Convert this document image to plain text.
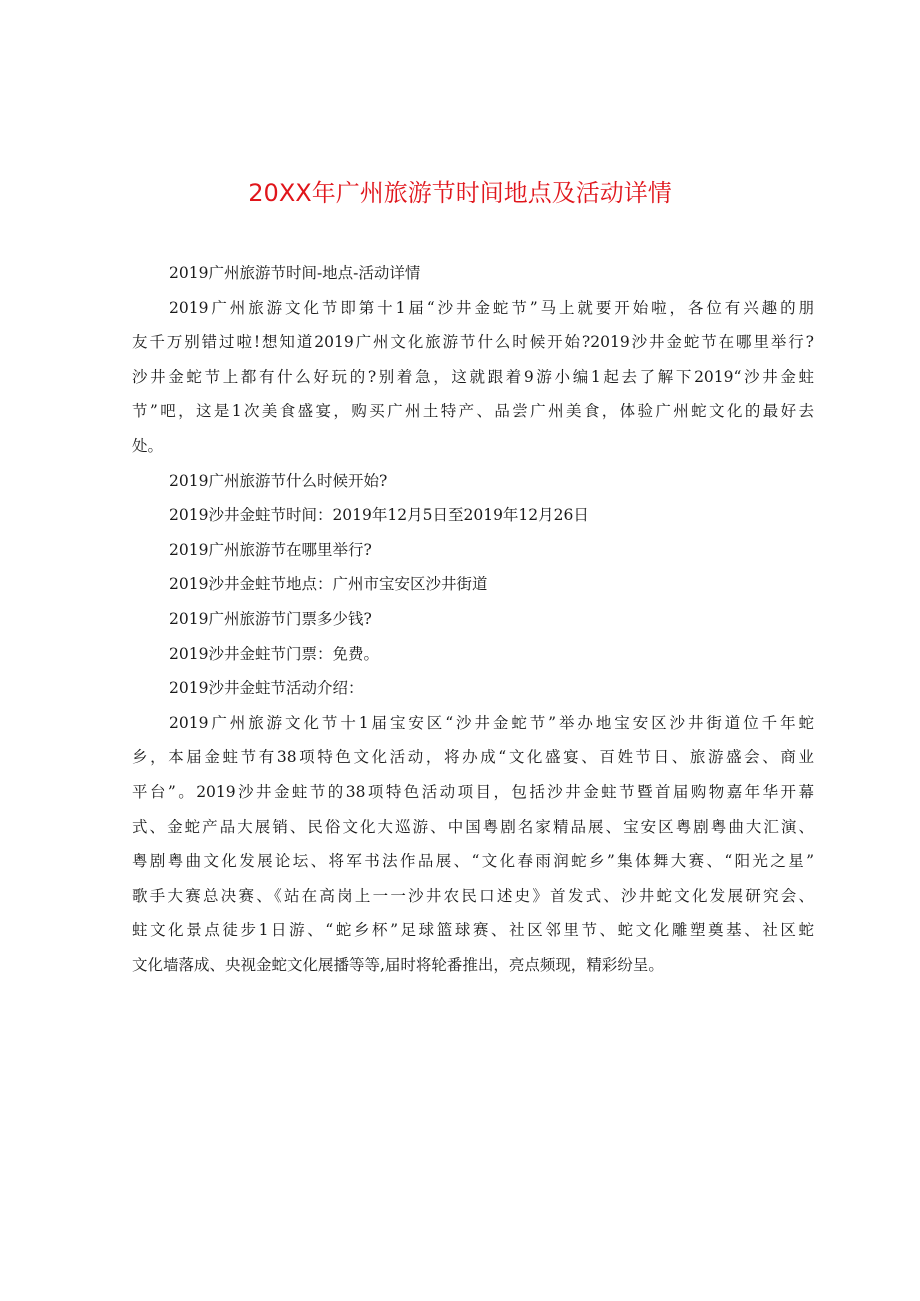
20XX年广州旅游节时间地点及活动详情
2019广州旅游节时间-地点-活动详情
2019广州旅游文化节即第十1届“沙井金蛇节”马上就要开始啦，各位有兴趣的朋
友千万别错过啦!想知道2019广州文化旅游节什么时候开始?2019沙井金蛇节在哪里举行?
沙井金蛇节上都有什么好玩的?别着急，这就跟着9游小编1起去了解下2019“沙井金蛀
节”吧，这是1次美食盛宴，购买广州土特产、品尝广州美食，体验广州蛇文化的最好去
处。
2019广州旅游节什么时候开始?
2019沙井金蛀节时间：2019年12月5日至2019年12月26日
2019广州旅游节在哪里举行?
2019沙井金蛀节地点：广州市宝安区沙井街道
2019广州旅游节门票多少钱?
2019沙井金蛀节门票：免费。
2019沙井金蛀节活动介绍：
2019广州旅游文化节十1届宝安区“沙井金蛇节”举办地宝安区沙井街道位千年蛇
乡，本届金蛀节有38项特色文化活动，将办成“文化盛宴、百姓节日、旅游盛会、商业
平台”。2019沙井金蛀节的38项特色活动项目，包括沙井金蛀节暨首届购物嘉年华开幕
式、金蛇产品大展销、民俗文化大巡游、中国粤剧名家精品展、宝安区粤剧粤曲大汇演、
粤剧粤曲文化发展论坛、将军书法作品展、“文化春雨润蛇乡”集体舞大赛、“阳光之星”
歌手大赛总决赛、《站在高岗上一一沙井农民口述史》首发式、沙井蛇文化发展研究会、
蛀文化景点徒步1日游、“蛇乡杯”足球篮球赛、社区邻里节、蛇文化雕塑奠基、社区蛇
文化墙落成、央视金蛇文化展播等等,届时将轮番推出，亮点频现，精彩纷呈。
